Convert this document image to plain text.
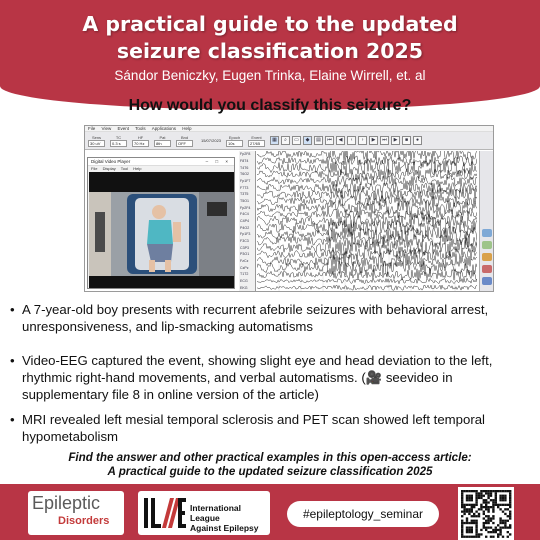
A practical guide to the updated seizure classification 2025
Sándor Beniczky, Eugen Trinka, Elaine Wirrell, et. al
How would you classify this seizure?
File View Event Tools Applications Help
Sens
30 uV
TC
0.3 s
HF
70 Hz
Pat
8th
Bnd
OFF	15/07/2023
Epoch
10s
Event
27/65	▦	⌕	▭	◆	▤	⏮	◀	‹	›	▶	⏭	▶	■	●
Digital Video Player	– □ ×
File Display Tool Help
Fp2F8
F8T4
T4T6
T6O2
Fp1F7
F7T3
T3T5
T5O1
Fp2F4
F4C4
C4P4
P4O2
Fp1F3
F3C3
C3P3
P3O1
FzCz
CzPz
T1T2
ECG
EKG
• A 7-year-old boy presents with recurrent afebrile seizures with behavioral arrest, unresponsiveness, and lip-smacking automatisms
• Video-EEG captured the event, showing slight eye and head deviation to the left, rhythmic right-hand movements, and verbal automatisms. (🎥 seevideo in supplementary file 8 in online version of the article)
• MRI revealed left mesial temporal sclerosis and PET scan showed left temporal hypometabolism
Find the answer and other practical examples in this open-access article:
A practical guide to the updated seizure classification 2025
Epileptic
Disorders
International League
Against Epilepsy
#epileptology_seminar
